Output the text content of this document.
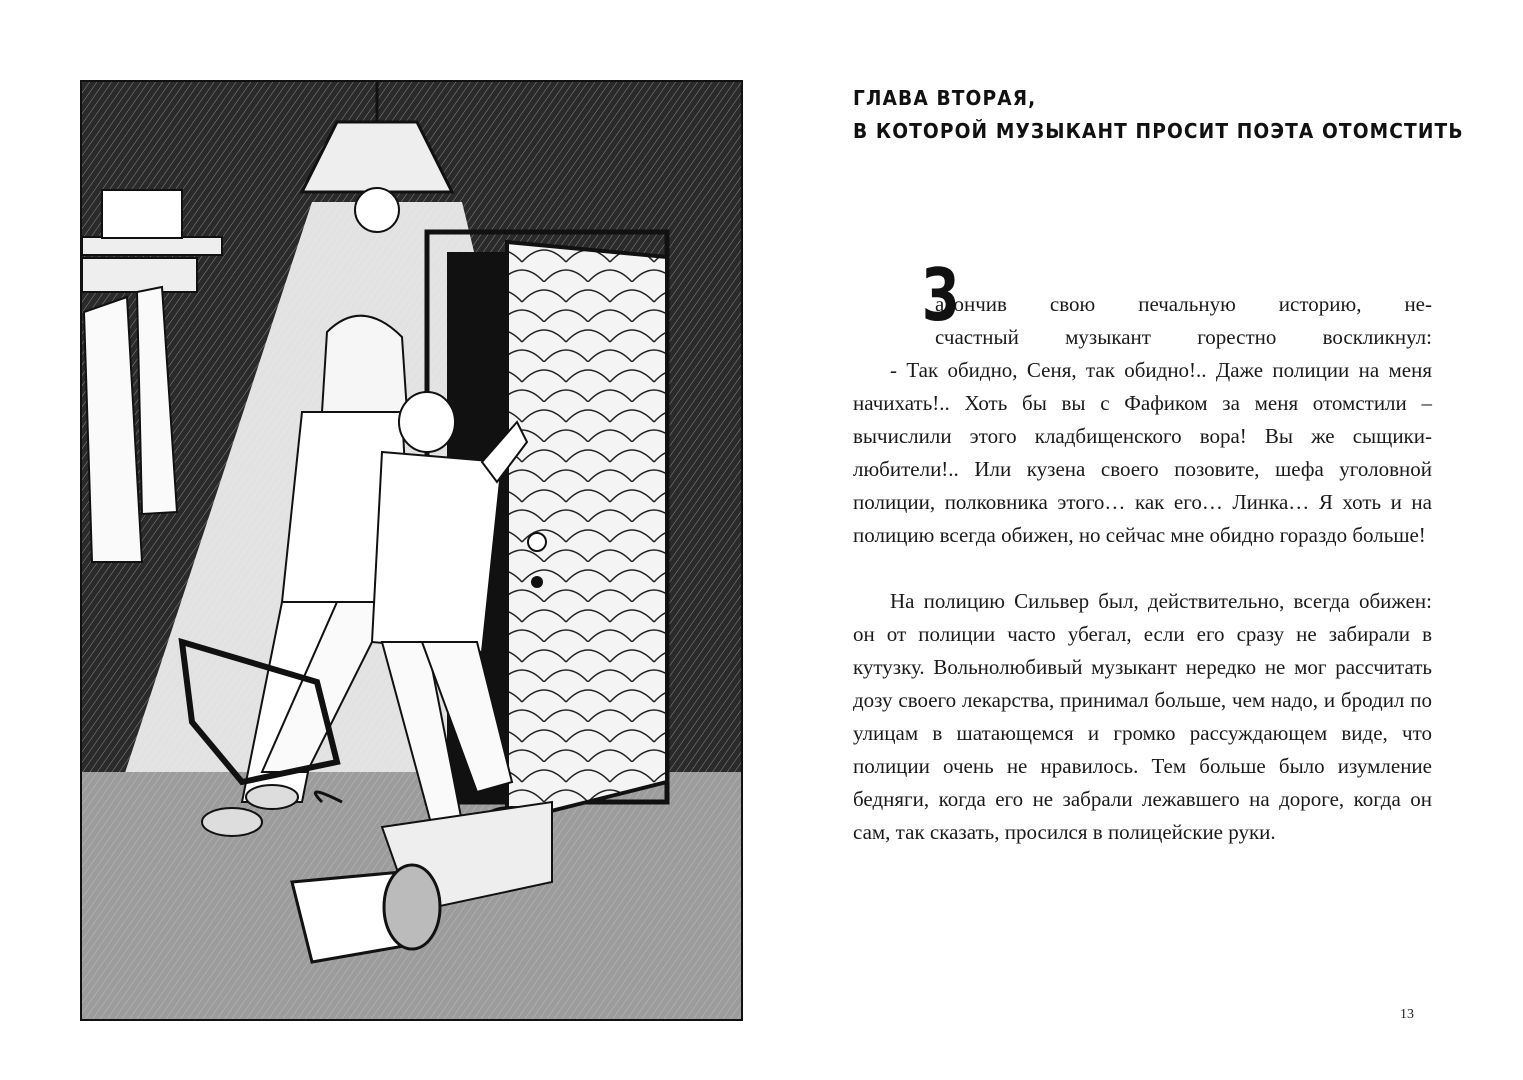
ГЛАВА ВТОРАЯ,
В КОТОРОЙ МУЗЫКАНТ ПРОСИТ ПОЭТА ОТОМСТИТЬ

З
акончив свою печальную историю, не-
счастный музыкант горестно воскликнул:

- Так обидно, Сеня, так обидно!.. Даже полиции на меня начихать!.. Хоть бы вы с Фафиком за меня отомстили – вычислили этого кладбищенского вора! Вы же сыщики-любители!.. Или кузена своего позовите, шефа уголовной полиции, полковника этого… как его… Линка… Я хоть и на полицию всегда обижен, но сейчас мне обидно гораздо больше!

На полицию Сильвер был, действительно, всегда обижен: он от полиции часто убегал, если его сразу не забирали в кутузку. Вольнолюбивый музыкант нередко не мог рассчитать дозу своего лекарства, принимал больше, чем надо, и бродил по улицам в шатающемся и громко рассуждающем виде, что полиции очень не нравилось. Тем больше было изумление бедняги, когда его не забрали лежавшего на дороге, когда он сам, так сказать, просился в полицейские руки.

13
